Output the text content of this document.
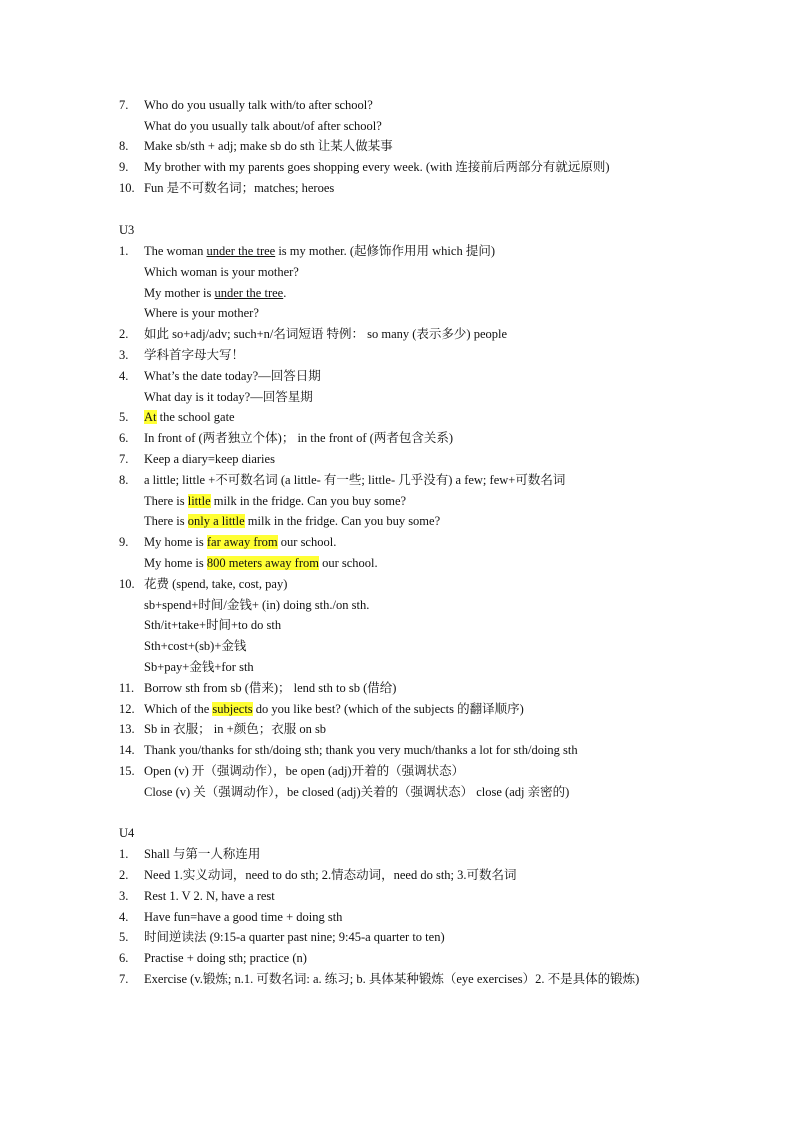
7.	Who do you usually talk with/to after school?
What do you usually talk about/of after school?
8.	Make sb/sth + adj; make sb do sth 让某人做某事
9.	My brother with my parents goes shopping every week. (with 连接前后两部分有就远原则)
10. Fun 是不可数名词；matches; heroes
U3
1.	The woman under the tree is my mother. (起修饰作用用 which 提问)
Which woman is your mother?
My mother is under the tree.
Where is your mother?
2.	如此 so+adj/adv; such+n/名词短语 特例： so many (表示多少) people
3.	学科首字母大写！
4.	What’s the date today?—回答日期
What day is it today?—回答星期
5.	At the school gate
6.	In front of (两者独立个体)； in the front of (两者包含关系)
7.	Keep a diary=keep diaries
8.	a little; little +不可数名词 (a little- 有一些; little- 几乎没有) a few; few+可数名词
There is little milk in the fridge. Can you buy some?
There is only a little milk in the fridge. Can you buy some?
9.	My home is far away from our school.
My home is 800 meters away from our school.
10. 花费 (spend, take, cost, pay)
sb+spend+时间/金钱+ (in) doing sth./on sth.
Sth/it+take+时间+to do sth
Sth+cost+(sb)+金钱
Sb+pay+金钱+for sth
11. Borrow sth from sb (借来)； lend sth to sb (借给)
12. Which of the subjects do you like best? (which of the subjects 的翻译顺序)
13. Sb in 衣服； in +颜色；衣服 on sb
14. Thank you/thanks for sth/doing sth; thank you very much/thanks a lot for sth/doing sth
15. Open (v) 开（强调动作），be open (adj)开着的（强调状态）
Close (v) 关（强调动作），be closed (adj)关着的（强调状态） close (adj 亲密的)
U4
1.	Shall 与第一人称连用
2.	Need 1.实义动词，need to do sth; 2.情态动词，need do sth; 3.可数名词
3.	Rest 1. V 2. N, have a rest
4.	Have fun=have a good time + doing sth
5.	时间逆读法 (9:15-a quarter past nine; 9:45-a quarter to ten)
6.	Practise + doing sth; practice (n)
7.	Exercise (v.锻炼; n.1. 可数名词: a. 练习; b. 具体某种锻炼（eye exercises）2. 不是具体的锻炼)
